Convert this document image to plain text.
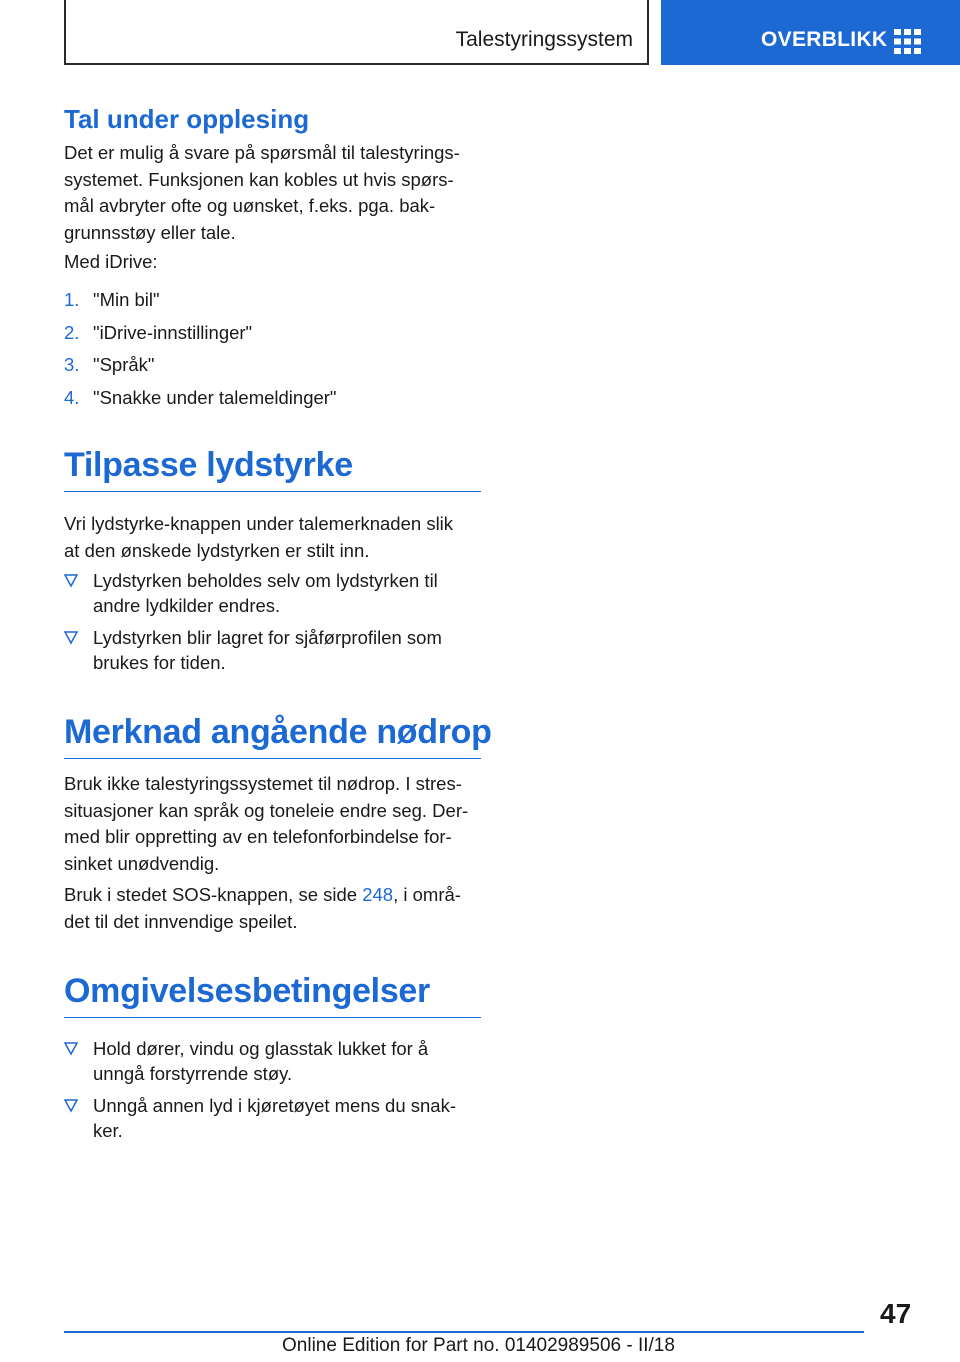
Talestyringssystem	OVERBLIKK
Tal under opplesing
Det er mulig å svare på spørsmål til talestyrings-
systemet. Funksjonen kan kobles ut hvis spørs-
mål avbryter ofte og uønsket, f.eks. pga. bak-
grunnsstøy eller tale.
Med iDrive:
1. "Min bil"
2. "iDrive-innstillinger"
3. "Språk"
4. "Snakke under talemeldinger"
Tilpasse lydstyrke
Vri lydstyrke-knappen under talemerknaden slik
at den ønskede lydstyrken er stilt inn.
Lydstyrken beholdes selv om lydstyrken til
andre lydkilder endres.
Lydstyrken blir lagret for sjåførprofilen som
brukes for tiden.
Merknad angående nødrop
Bruk ikke talestyringssystemet til nødrop. I stres-
situasjoner kan språk og toneleie endre seg. Der-
med blir oppretting av en telefonforbindelse for-
sinket unødvendig.
Bruk i stedet SOS-knappen, se side 248, i områ-
det til det innvendige speilet.
Omgivelsesbetingelser
Hold dører, vindu og glasstak lukket for å
unngå forstyrrende støy.
Unngå annen lyd i kjøretøyet mens du snak-
ker.
47
Online Edition for Part no. 01402989506 - II/18
